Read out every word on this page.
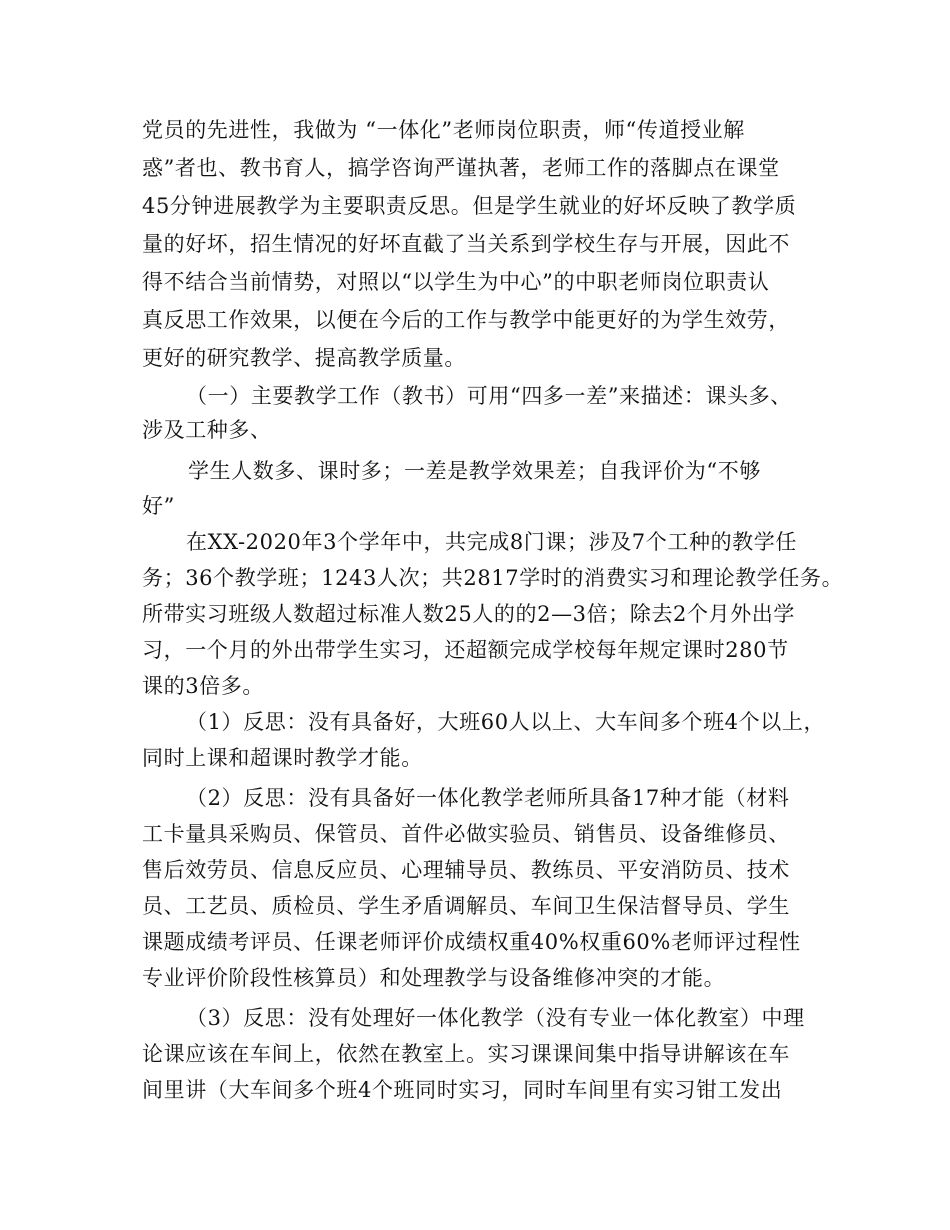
党员的先进性，我做为 “一体化”老师岗位职责，师“传道授业解
惑”者也、教书育人，搞学咨询严谨执著，老师工作的落脚点在课堂
45分钟进展教学为主要职责反思。但是学生就业的好坏反映了教学质
量的好坏，招生情况的好坏直截了当关系到学校生存与开展，因此不
得不结合当前情势，对照以“以学生为中心”的中职老师岗位职责认
真反思工作效果，以便在今后的工作与教学中能更好的为学生效劳，
更好的研究教学、提高教学质量。
（一）主要教学工作（教书）可用“四多一差”来描述：课头多、
涉及工种多、
学生人数多、课时多；一差是教学效果差；自我评价为“不够
好”
在XX-2020年3个学年中，共完成8门课；涉及7个工种的教学任
务；36个教学班；1243人次；共2817学时的消费实习和理论教学任务。
所带实习班级人数超过标准人数25人的的2—3倍；除去2个月外出学
习，一个月的外出带学生实习，还超额完成学校每年规定课时280节
课的3倍多。
（1）反思：没有具备好，大班60人以上、大车间多个班4个以上，
同时上课和超课时教学才能。
（2）反思：没有具备好一体化教学老师所具备17种才能（材料
工卡量具采购员、保管员、首件必做实验员、销售员、设备维修员、
售后效劳员、信息反应员、心理辅导员、教练员、平安消防员、技术
员、工艺员、质检员、学生矛盾调解员、车间卫生保洁督导员、学生
课题成绩考评员、任课老师评价成绩权重40%权重60%老师评过程性
专业评价阶段性核算员）和处理教学与设备维修冲突的才能。
（3）反思：没有处理好一体化教学（没有专业一体化教室）中理
论课应该在车间上，依然在教室上。实习课课间集中指导讲解该在车
间里讲（大车间多个班4个班同时实习，同时车间里有实习钳工发出
